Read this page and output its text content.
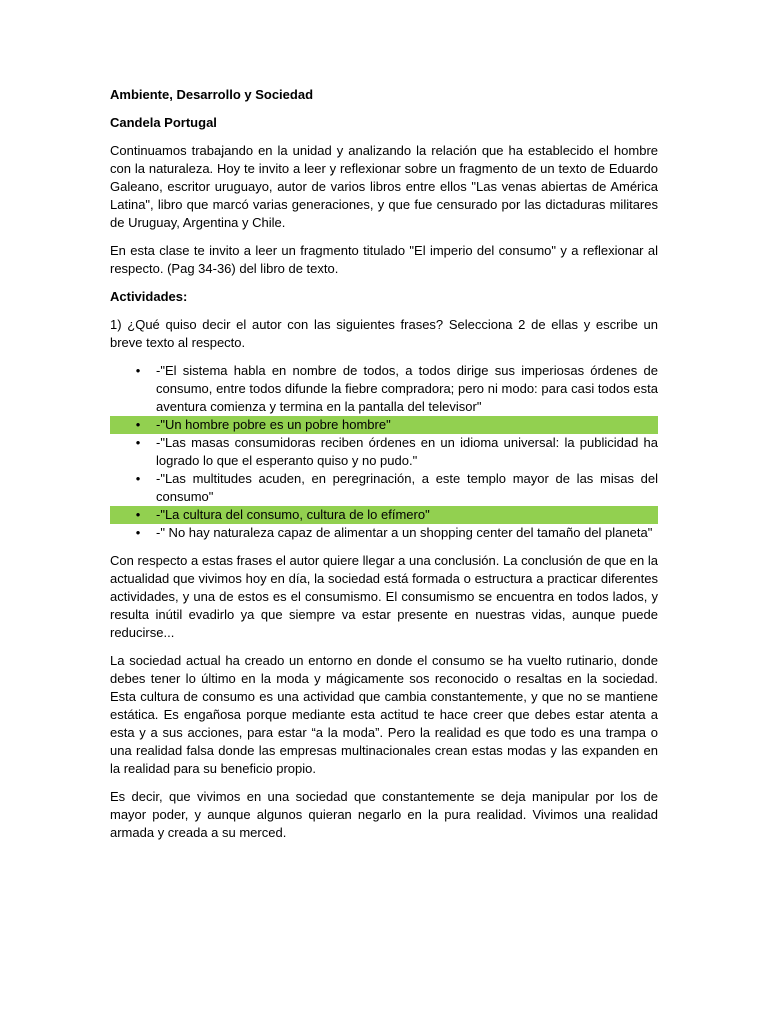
Ambiente, Desarrollo y Sociedad

Candela Portugal

Continuamos trabajando en la unidad y analizando la relación que ha establecido el hombre con la naturaleza. Hoy te invito a leer y reflexionar sobre un fragmento de un texto de Eduardo Galeano, escritor uruguayo, autor de varios libros entre ellos "Las venas abiertas de América Latina", libro que marcó varias generaciones, y que fue censurado por las dictaduras militares de Uruguay, Argentina y Chile.

En esta clase te invito a leer un fragmento titulado "El imperio del consumo" y a reflexionar al respecto. (Pag 34-36) del libro de texto.

Actividades:

1) ¿Qué quiso decir el autor con las siguientes frases? Selecciona 2 de ellas y escribe un breve texto al respecto.

• -"El sistema habla en nombre de todos, a todos dirige sus imperiosas órdenes de consumo, entre todos difunde la fiebre compradora; pero ni modo: para casi todos esta aventura comienza y termina en la pantalla del televisor"
• -"Un hombre pobre es un pobre hombre"
• -"Las masas consumidoras reciben órdenes en un idioma universal: la publicidad ha logrado lo que el esperanto quiso y no pudo."
• -"Las multitudes acuden, en peregrinación, a este templo mayor de las misas del consumo"
• -"La cultura del consumo, cultura de lo efímero"
• -" No hay naturaleza capaz de alimentar a un shopping center del tamaño del planeta"

Con respecto a estas frases el autor quiere llegar a una conclusión. La conclusión de que en la actualidad que vivimos hoy en día, la sociedad está formada o estructura a practicar diferentes actividades, y una de estos es el consumismo. El consumismo se encuentra en todos lados, y resulta inútil evadirlo ya que siempre va estar presente en nuestras vidas, aunque puede reducirse...

La sociedad actual ha creado un entorno en donde el consumo se ha vuelto rutinario, donde debes tener lo último en la moda y mágicamente sos reconocido o resaltas en la sociedad. Esta cultura de consumo es una actividad que cambia constantemente, y que no se mantiene estática. Es engañosa porque mediante esta actitud te hace creer que debes estar atenta a esta y a sus acciones, para estar “a la moda”. Pero la realidad es que todo es una trampa o una realidad falsa donde las empresas multinacionales crean estas modas y las expanden en la realidad para su beneficio propio.

Es decir, que vivimos en una sociedad que constantemente se deja manipular por los de mayor poder, y aunque algunos quieran negarlo en la pura realidad. Vivimos una realidad armada y creada a su merced.
